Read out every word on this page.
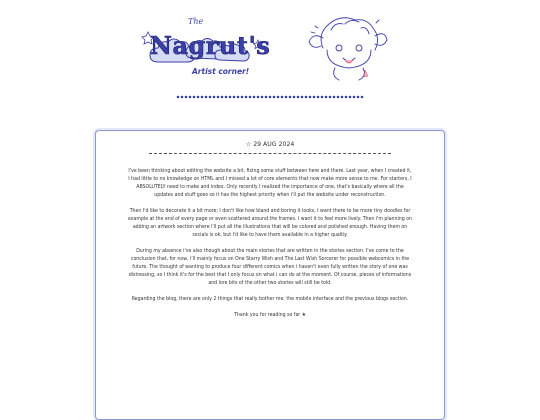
The
Nagrut's
Artist corner!
☆ 29 AUG 2024

I've been thinking about editing the website a bit, fixing some stuff between here and there. Last year, when I created it, I had little to no knowledge on HTML and I missed a lot of core elements that now make more sense to me. For starters, I ABSOLUTELY need to make and index. Only recently I realized the importance of one, that's basically where all the updates and stuff goes so it has the highest priority when i'll put the website under reconstruction.

Then I'd like to decorate it a bit more; I don't like how bland and boring it looks, I want there to be more tiny doodles for example at the end of every page or even scattered around the frames. I want it to feel more lively. Then i'm planning on adding an artwork section where i'll put all the illustrations that will be colored and polished enough. Having them on socials is ok, but I'd like to have them available in a higher quality.

During my absence i've also though about the main stories that are written in the stories section. I've come to the conclusion that, for now, i'll mainly focus on One Starry Wish and The Last Wish Sorcerer for possible webcomics in the future. The thought of wanting to produce four different comics when i haven't even fully written the story of one was distressing, so I think it's for the best that I only focus on what i can do at the moment. Of course, pieces of informations and lore bits of the other two stories will still be told.

Regarding the blog, there are only 2 things that really bother me: the mobile interface and the previous blogs section.

Thank you for reading so far ★
